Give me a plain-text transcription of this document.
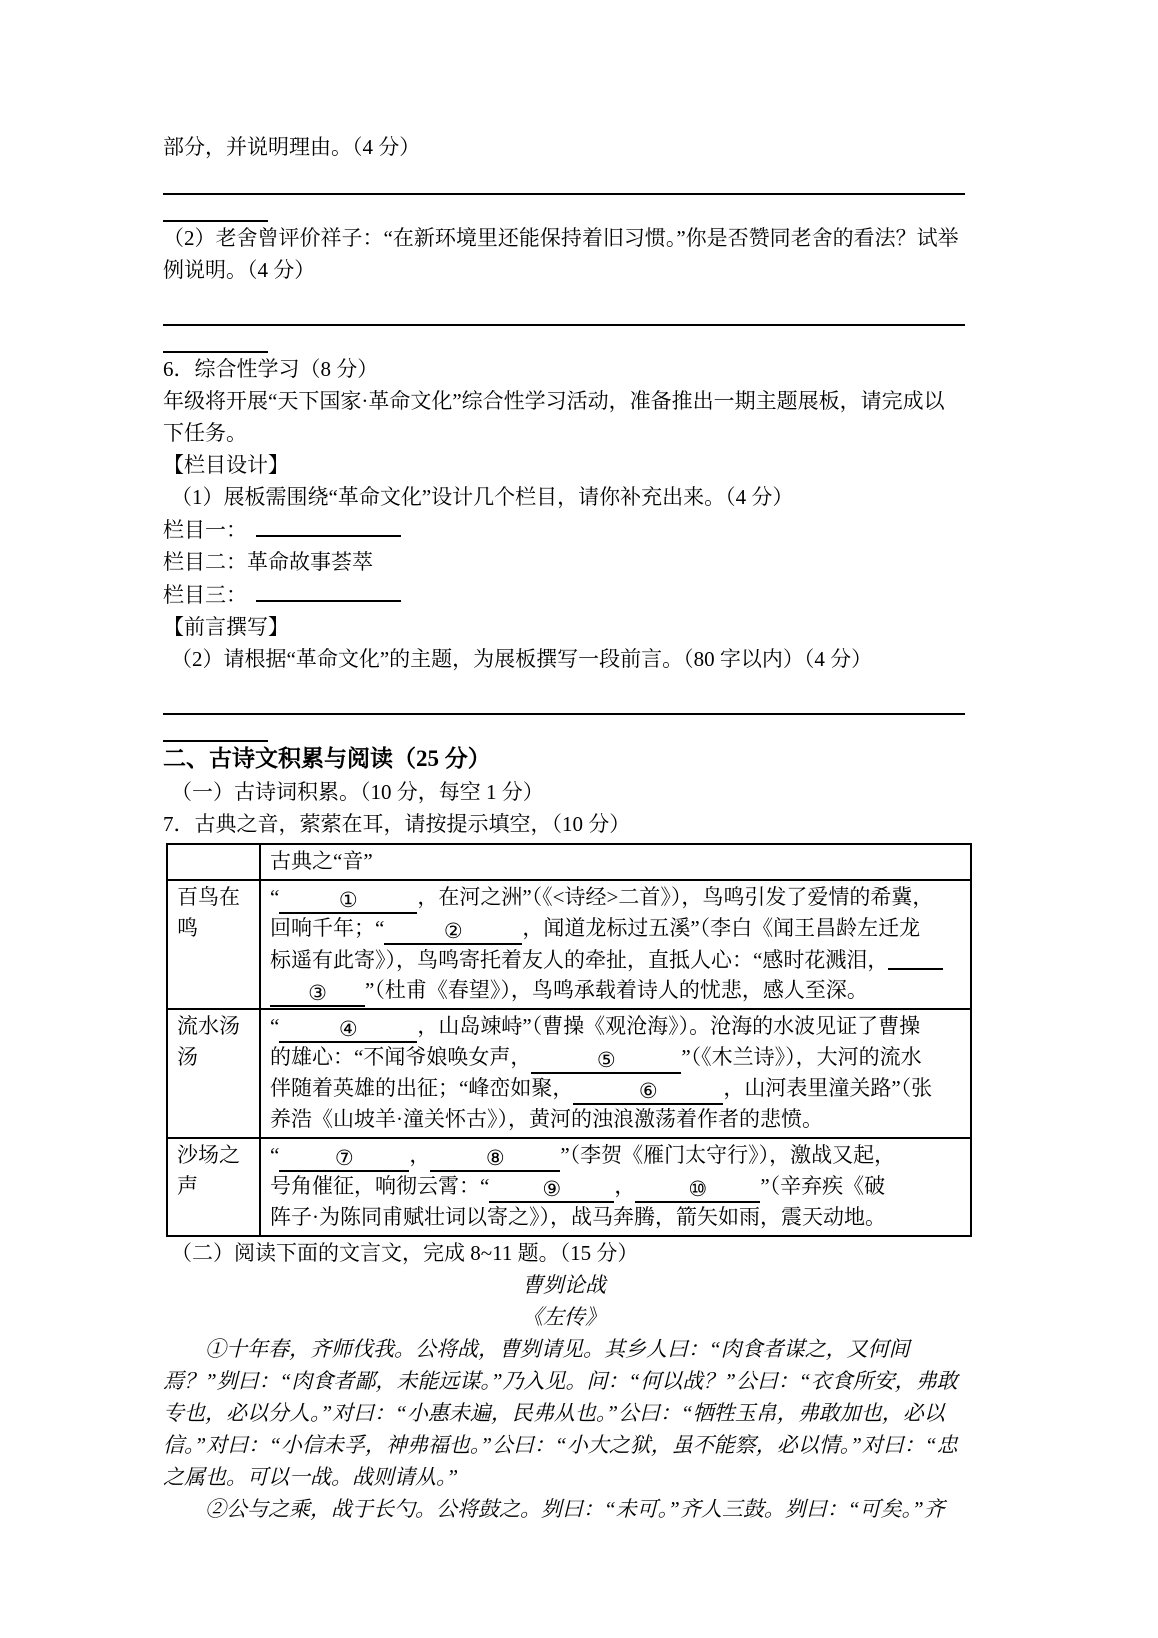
部分，并说明理由。（4 分）

（2）老舍曾评价祥子：“在新环境里还能保持着旧习惯。”你是否赞同老舍的看法？试举例说明。（4 分）

6．综合性学习（8 分）

年级将开展“天下国家·革命文化”综合性学习活动，准备推出一期主题展板，请完成以下任务。

【栏目设计】

（1）展板需围绕“革命文化”设计几个栏目，请你补充出来。（4 分）

栏目一：

栏目二：革命故事荟萃

栏目三：

【前言撰写】

（2）请根据“革命文化”的主题，为展板撰写一段前言。（80 字以内）（4 分）

二、古诗文积累与阅读（25 分）

（一）古诗词积累。（10 分，每空 1 分）

7．古典之音，萦萦在耳，请按提示填空，（10 分）

	古典之“音”
百鸟在鸣	“ ① ，在河之洲”（《<诗经>二首》），鸟鸣引发了爱情的希冀，
回响千年；“ ② ，闻道龙标过五溪”（李白《闻王昌龄左迁龙
标遥有此寄》），鸟鸣寄托着友人的牵扯，直抵人心：“感时花溅泪，
③ ”（杜甫《春望》），鸟鸣承载着诗人的忧悲，感人至深。

流水汤汤	“ ④ ，山岛竦峙”（曹操《观沧海》）。沧海的水波见证了曹操
的雄心：“不闻爷娘唤女声， ⑤ ”（《木兰诗》），大河的流水
伴随着英雄的出征；“峰峦如聚， ⑥ ，山河表里潼关路”（张
养浩《山坡羊·潼关怀古》），黄河的浊浪激荡着作者的悲愤。

沙场之声	“ ⑦ ， ⑧ ”（李贺《雁门太守行》），激战又起，
号角催征，响彻云霄：“ ⑨ ， ⑩ ”（辛弃疾《破
阵子·为陈同甫赋壮词以寄之》），战马奔腾，箭矢如雨，震天动地。

（二）阅读下面的文言文，完成 8~11 题。（15 分）

曹刿论战

《左传》

①十年春，齐师伐我。公将战，曹刿请见。其乡人曰：“肉食者谋之，又何间焉？”刿曰：“肉食者鄙，未能远谋。”乃入见。问：“何以战？”公曰：“衣食所安，弗敢专也，必以分人。”对曰：“小惠未遍，民弗从也。”公曰：“牺牲玉帛，弗敢加也，必以信。”对曰：“小信未孚，神弗福也。”公曰：“小大之狱，虽不能察，必以情。”对曰：“忠之属也。可以一战。战则请从。”

②公与之乘，战于长勺。公将鼓之。刿曰：“未可。”齐人三鼓。刿曰：“可矣。”齐
